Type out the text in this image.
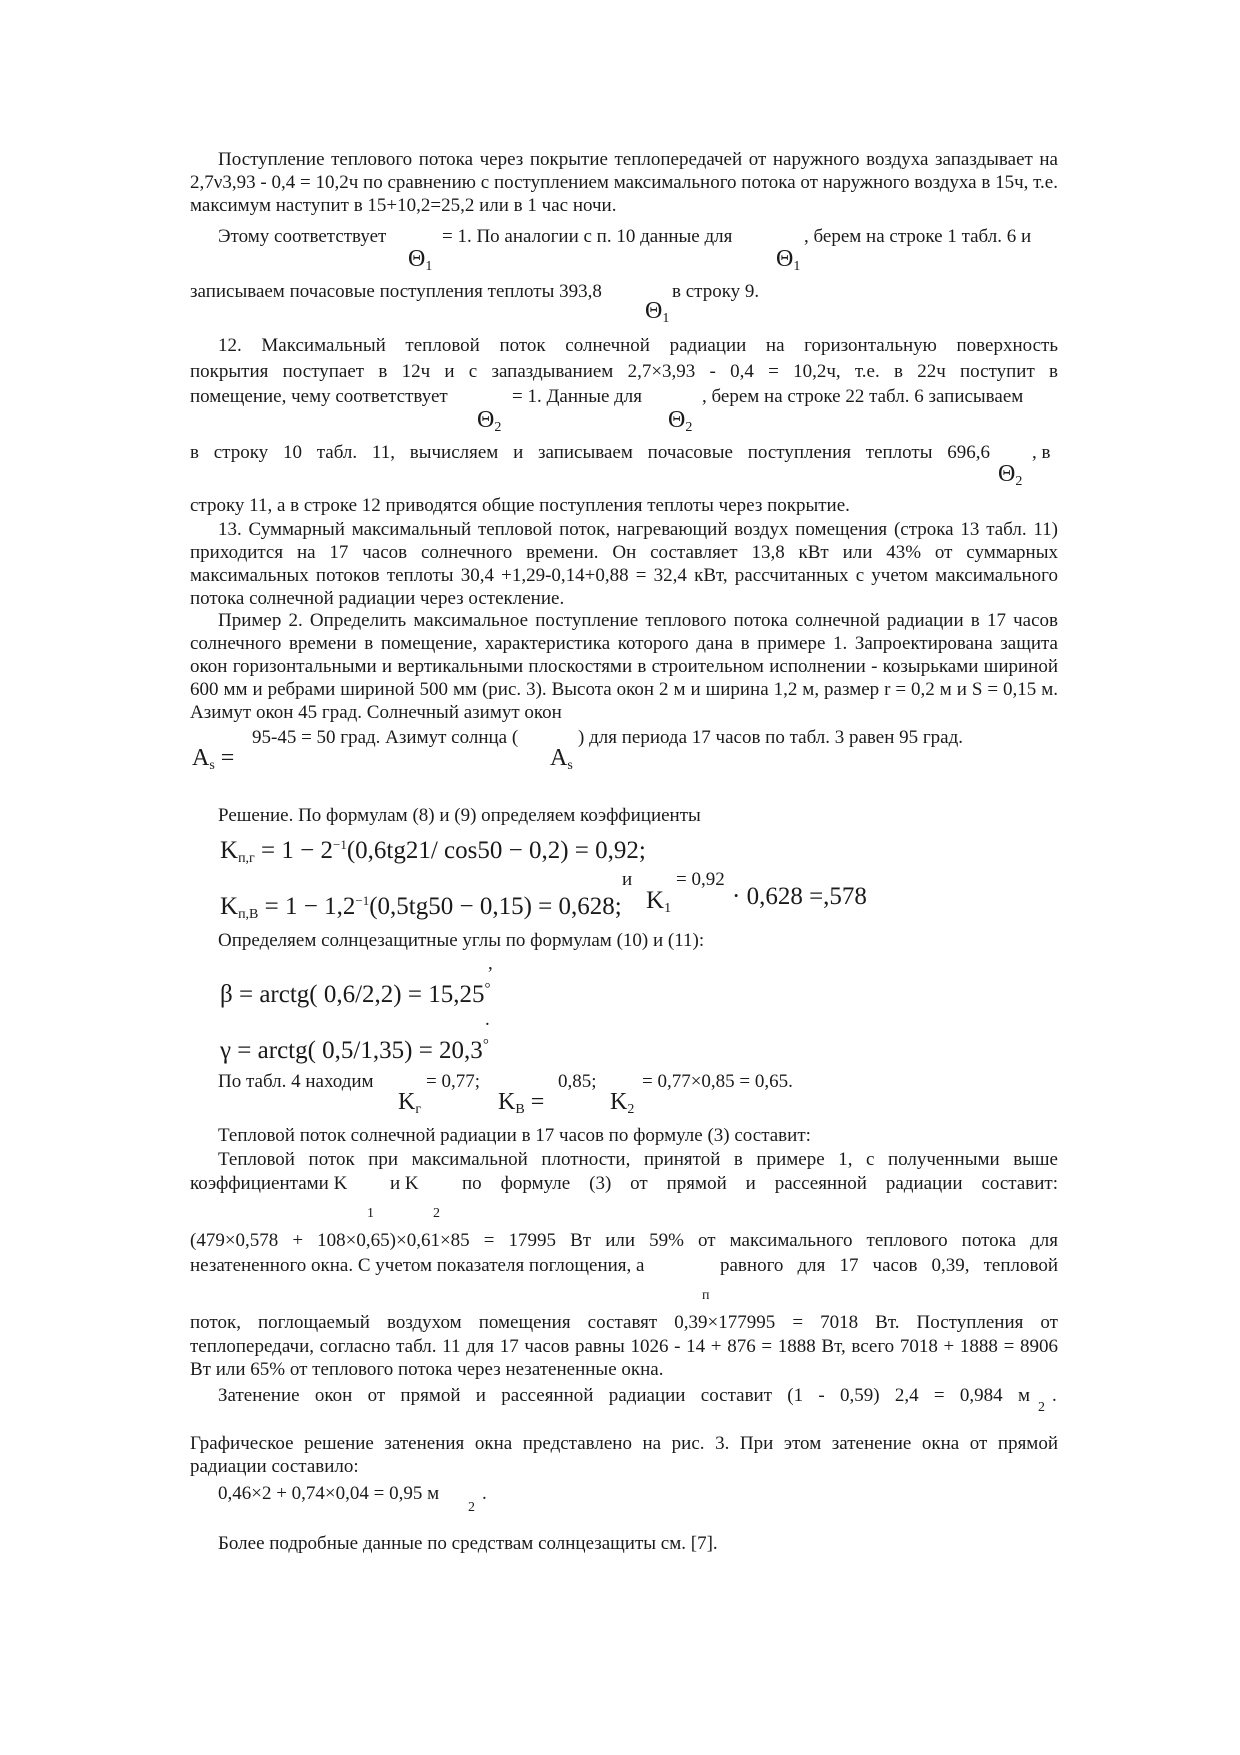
Поступление теплового потока через покрытие теплопередачей от наружного воздуха запаздывает на 2,7ν3,93 - 0,4 = 10,2ч по сравнению с поступлением максимального потока от наружного воздуха в 15ч, т.е. максимум наступит в 15+10,2=25,2 или в 1 час ночи.
Этому соответствует	= 1. По аналогии с п. 10 данные для	, берем на строке 1 табл. 6 и
$\Theta_1$	$\Theta_1$
записываем почасовые поступления теплоты 393,8	в строку 9.
$\Theta_1$
12. Максимальный тепловой поток солнечной радиации на горизонтальную поверхность
покрытия поступает в 12ч и с запаздыванием 2,7×3,93 - 0,4 = 10,2ч, т.е. в 22ч поступит в
помещение, чему соответствует	= 1. Данные для	, берем на строке 22 табл. 6 записываем
$\Theta_2$	$\Theta_2$
в строку 10 табл. 11, вычисляем и записываем почасовые поступления теплоты 696,6 , в
$\Theta_2$
строку 11, а в строке 12 приводятся общие поступления теплоты через покрытие.
13. Суммарный максимальный тепловой поток, нагревающий воздух помещения (строка 13 табл. 11) приходится на 17 часов солнечного времени. Он составляет 13,8 кВт или 43% от суммарных максимальных потоков теплоты 30,4 +1,29-0,14+0,88 = 32,4 кВт, рассчитанных с учетом максимального потока солнечной радиации через остекление.
Пример 2. Определить максимальное поступление теплового потока солнечной радиации в 17 часов солнечного времени в помещение, характеристика которого дана в примере 1. Запроектирована защита окон горизонтальными и вертикальными плоскостями в строительном исполнении - козырьками шириной 600 мм и ребрами шириной 500 мм (рис. 3). Высота окон 2 м и ширина 1,2 м, размер r = 0,2 м и S = 0,15 м. Азимут окон 45 град. Солнечный азимут окон
95-45 = 50 град. Азимут солнца (	) для периода 17 часов по табл. 3 равен 95 град.
$A_s$ =	$A_s$
Решение. По формулам (8) и (9) определяем коэффициенты
$K_{п,г} = 1 - 2^{-1}(0,6tg21/$ cos50 − 0,2) = 0,92;
и = 0,92
$K_{п,В} = 1 - 1,2^{-1}(0,5tg50 - 0,15) = 0,628$; $K_1 \cdot 0,628 =,578$
Определяем солнцезащитные углы по формулам (10) и (11):
,
β = arctg( 0,6/2,2) = 15,25°
.
γ = arctg( 0,5/1,35) = 20,3°
По табл. 4 находим	= 0,77;	0,85; = 0,77×0,85 = 0,65.
$K_г$	$K_В$ =	$K_2$
Тепловой поток солнечной радиации в 17 часов по формуле (3) составит:
Тепловой поток при максимальной плотности, принятой в примере 1, с полученными выше
коэффициентами K и K по формуле (3) от прямой и рассеянной радиации составит:
1	2
(479×0,578 + 108×0,65)×0,61×85 = 17995 Вт или 59% от максимального теплового потока для
незатененного окна. С учетом показателя поглощения, a	равного для 17 часов 0,39, тепловой
п
поток, поглощаемый воздухом помещения составят 0,39×177995 = 7018 Вт. Поступления от
теплопередачи, согласно табл. 11 для 17 часов равны 1026 - 14 + 876 = 1888 Вт, всего 7018 + 1888 = 8906 Вт или 65% от теплового потока через незатененные окна.
Затенение окон от прямой и рассеянной радиации составит (1 - 0,59) 2,4 = 0,984 м
2
.
Графическое решение затенения окна представлено на рис. 3. При этом затенение окна от прямой радиации составило:
0,46×2 + 0,74×0,04 = 0,95 м
2
.
Более подробные данные по средствам солнцезащиты см. [7].
